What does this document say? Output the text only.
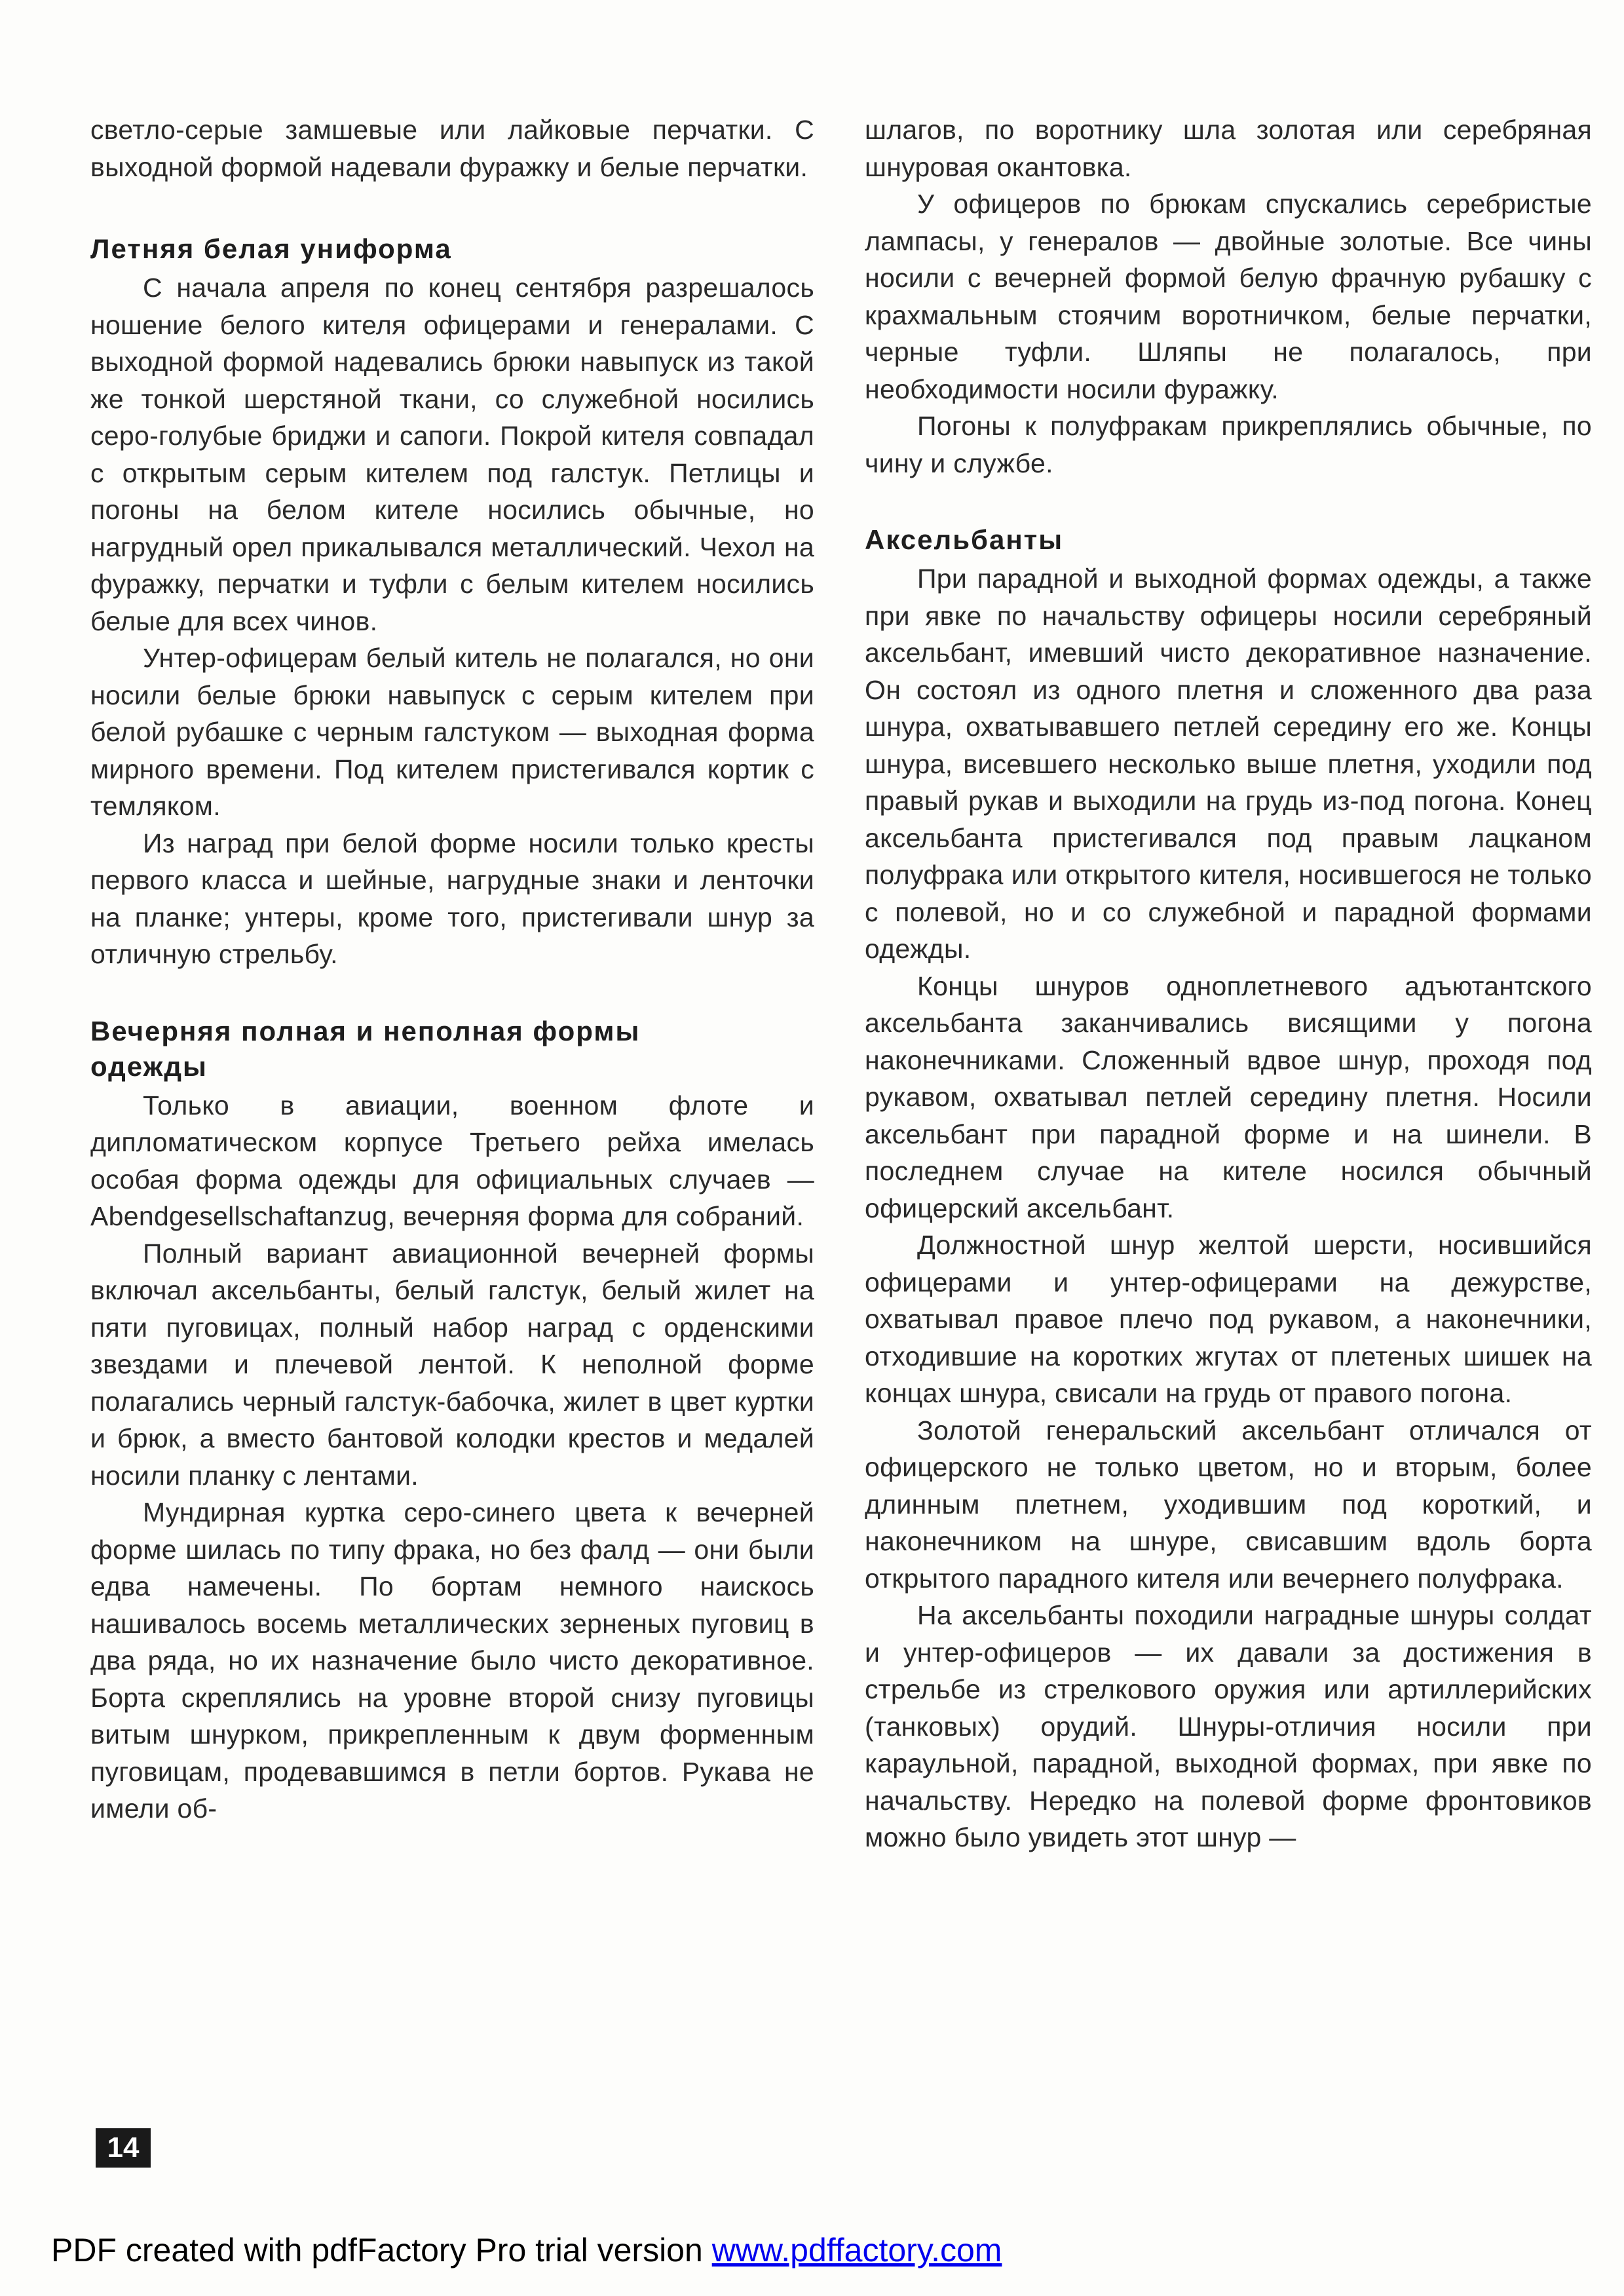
светло-серые замшевые или лайковые перчатки. С выходной формой надевали фуражку и белые перчатки.

Летняя белая униформа

С начала апреля по конец сентября разрешалось ношение белого кителя офицерами и генералами. С выходной формой надевались брюки навыпуск из такой же тонкой шерстяной ткани, со служебной носились серо-голубые бриджи и сапоги. Покрой кителя совпадал с открытым серым кителем под галстук. Петлицы и погоны на белом кителе носились обычные, но нагрудный орел прикалывался металлический. Чехол на фуражку, перчатки и туфли с белым кителем носились белые для всех чинов.

Унтер-офицерам белый китель не полагался, но они носили белые брюки навыпуск с серым кителем при белой рубашке с черным галстуком — выходная форма мирного времени. Под кителем пристегивался кортик с темляком.

Из наград при белой форме носили только кресты первого класса и шейные, нагрудные знаки и ленточки на планке; унтеры, кроме того, пристегивали шнур за отличную стрельбу.

Вечерняя полная и неполная формы одежды

Только в авиации, военном флоте и дипломатическом корпусе Третьего рейха имелась особая форма одежды для официальных случаев — Abendgesellschaftanzug, вечерняя форма для собраний.

Полный вариант авиационной вечерней формы включал аксельбанты, белый галстук, белый жилет на пяти пуговицах, полный набор наград с орденскими звездами и плечевой лентой. К неполной форме полагались черный галстук-бабочка, жилет в цвет куртки и брюк, а вместо бантовой колодки крестов и медалей носили планку с лентами.

Мундирная куртка серо-синего цвета к вечерней форме шилась по типу фрака, но без фалд — они были едва намечены. По бортам немного наискось нашивалось восемь металлических зерненых пуговиц в два ряда, но их назначение было чисто декоративное. Борта скреплялись на уровне второй снизу пуговицы витым шнурком, прикрепленным к двум форменным пуговицам, продевавшимся в петли бортов. Рукава не имели об-

шлагов, по воротнику шла золотая или серебряная шнуровая окантовка.

У офицеров по брюкам спускались серебристые лампасы, у генералов — двойные золотые. Все чины носили с вечерней формой белую фрачную рубашку с крахмальным стоячим воротничком, белые перчатки, черные туфли. Шляпы не полагалось, при необходимости носили фуражку.

Погоны к полуфракам прикреплялись обычные, по чину и службе.

Аксельбанты

При парадной и выходной формах одежды, а также при явке по начальству офицеры носили серебряный аксельбант, имевший чисто декоративное назначение. Он состоял из одного плетня и сложенного два раза шнура, охватывавшего петлей середину его же. Концы шнура, висевшего несколько выше плетня, уходили под правый рукав и выходили на грудь из-под погона. Конец аксельбанта пристегивался под правым лацканом полуфрака или открытого кителя, носившегося не только с полевой, но и со служебной и парадной формами одежды.

Концы шнуров одноплетневого адъютантского аксельбанта заканчивались висящими у погона наконечниками. Сложенный вдвое шнур, проходя под рукавом, охватывал петлей середину плетня. Носили аксельбант при парадной форме и на шинели. В последнем случае на кителе носился обычный офицерский аксельбант.

Должностной шнур желтой шерсти, носившийся офицерами и унтер-офицерами на дежурстве, охватывал правое плечо под рукавом, а наконечники, отходившие на коротких жгутах от плетеных шишек на концах шнура, свисали на грудь от правого погона.

Золотой генеральский аксельбант отличался от офицерского не только цветом, но и вторым, более длинным плетнем, уходившим под короткий, и наконечником на шнуре, свисавшим вдоль борта открытого парадного кителя или вечернего полуфрака.

На аксельбанты походили наградные шнуры солдат и унтер-офицеров — их давали за достижения в стрельбе из стрелкового оружия или артиллерийских (танковых) орудий. Шнуры-отличия носили при караульной, парадной, выходной формах, при явке по начальству. Нередко на полевой форме фронтовиков можно было увидеть этот шнур —

14
PDF created with pdfFactory Pro trial version www.pdffactory.com
